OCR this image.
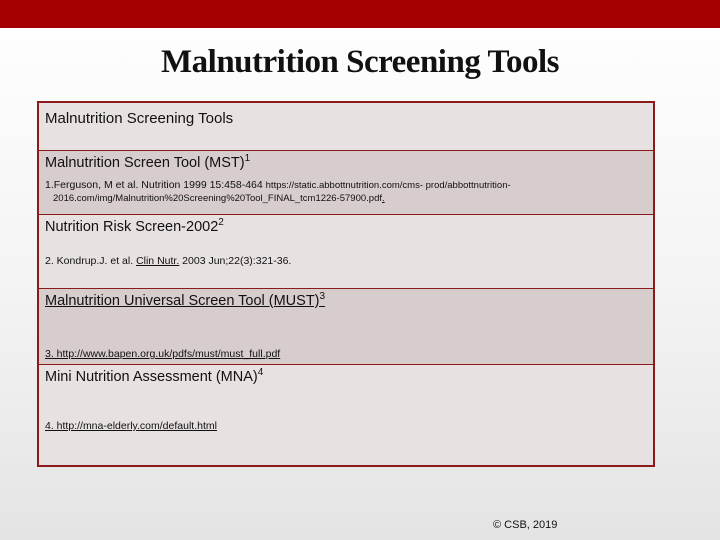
Malnutrition Screening Tools
Malnutrition Screening Tools
Malnutrition Screen Tool (MST)$^1$
1.Ferguson, M et al. Nutrition 1999 15:458-464 https://static.abbottnutrition.com/cms- prod/abbottnutrition-
2016.com/img/Malnutrition%20Screening%20Tool_FINAL_tcm1226-57900.pdf.
Nutrition Risk Screen-2002$^2$
2. Kondrup.J. et al. Clin Nutr. 2003 Jun;22(3):321-36.
Malnutrition Universal Screen Tool (MUST)$^3$
3. http://www.bapen.org.uk/pdfs/must/must_full.pdf
Mini Nutrition Assessment (MNA)$^4$
4. http://mna-elderly.com/default.html
© CSB, 2019
